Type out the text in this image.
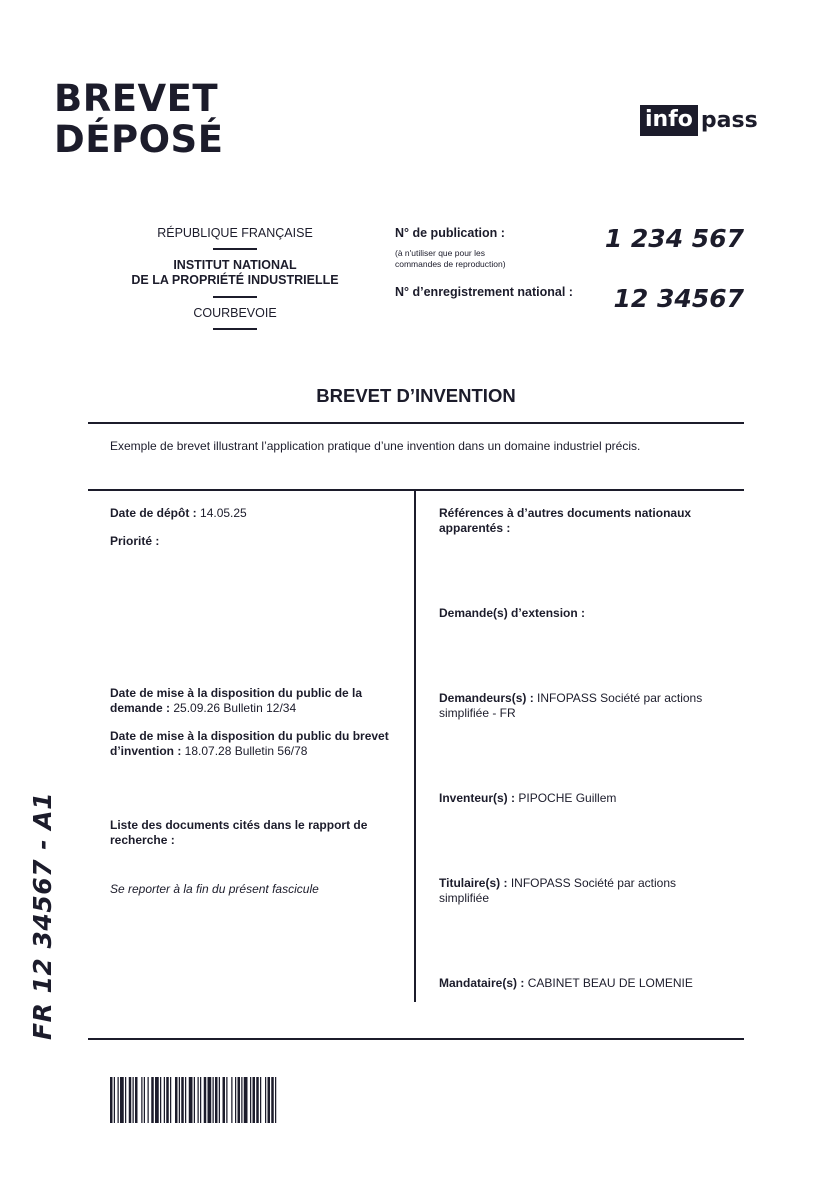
BREVET
DÉPOSÉ	info pass
RÉPUBLIQUE FRANÇAISE
INSTITUT NATIONAL
DE LA PROPRIÉTÉ INDUSTRIELLE
COURBEVOIE
N° de publication :
(à n'utiliser que pour les
commandes de reproduction)
1 234 567
N° d’enregistrement national :	12 34567
BREVET D’INVENTION
Exemple de brevet illustrant l’application pratique d’une invention dans un domaine industriel précis.
Date de dépôt : 14.05.25
Priorité :
Date de mise à la disposition du public de la demande : 25.09.26 Bulletin 12/34
Date de mise à la disposition du public du brevet d’invention : 18.07.28 Bulletin 56/78
Liste des documents cités dans le rapport de recherche :
Se reporter à la fin du présent fascicule
Références à d’autres documents nationaux apparentés :
Demande(s) d’extension :
Demandeurs(s) : INFOPASS Société par actions simplifiée - FR
Inventeur(s) : PIPOCHE Guillem
Titulaire(s) : INFOPASS Société par actions simplifiée
Mandataire(s) : CABINET BEAU DE LOMENIE
FR 12 34567 - A1
